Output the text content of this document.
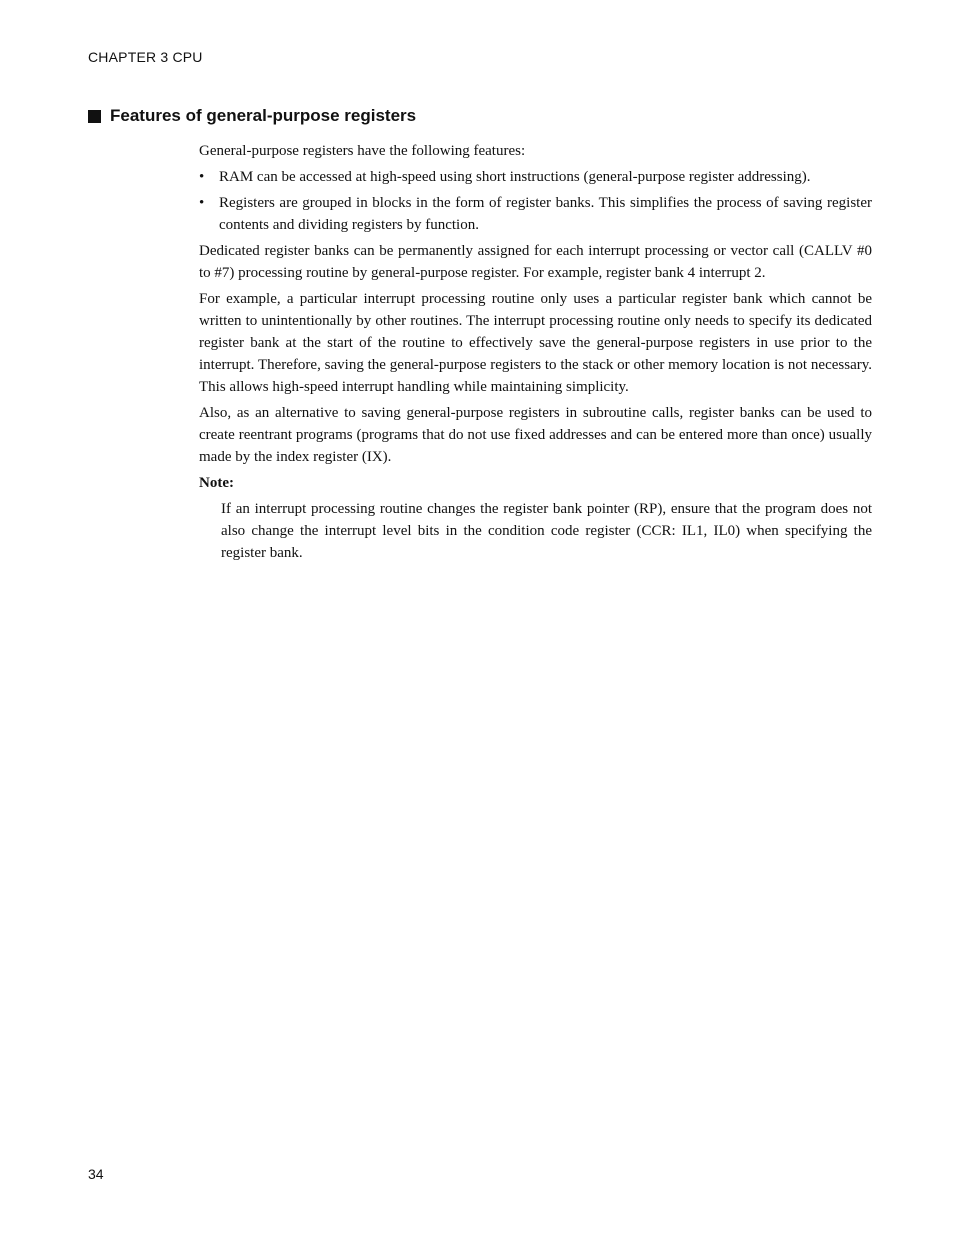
CHAPTER 3 CPU
Features of general-purpose registers

General-purpose registers have the following features:

• RAM can be accessed at high-speed using short instructions (general-purpose register addressing).
• Registers are grouped in blocks in the form of register banks. This simplifies the process of saving register contents and dividing registers by function.

Dedicated register banks can be permanently assigned for each interrupt processing or vector call (CALLV #0 to #7) processing routine by general-purpose register. For example, register bank 4 interrupt 2.

For example, a particular interrupt processing routine only uses a particular register bank which cannot be written to unintentionally by other routines. The interrupt processing routine only needs to specify its dedicated register bank at the start of the routine to effectively save the general-purpose registers in use prior to the interrupt. Therefore, saving the general-purpose registers to the stack or other memory location is not necessary. This allows high-speed interrupt handling while maintaining simplicity.

Also, as an alternative to saving general-purpose registers in subroutine calls, register banks can be used to create reentrant programs (programs that do not use fixed addresses and can be entered more than once) usually made by the index register (IX).

Note:

If an interrupt processing routine changes the register bank pointer (RP), ensure that the program does not also change the interrupt level bits in the condition code register (CCR: IL1, IL0) when specifying the register bank.

34
